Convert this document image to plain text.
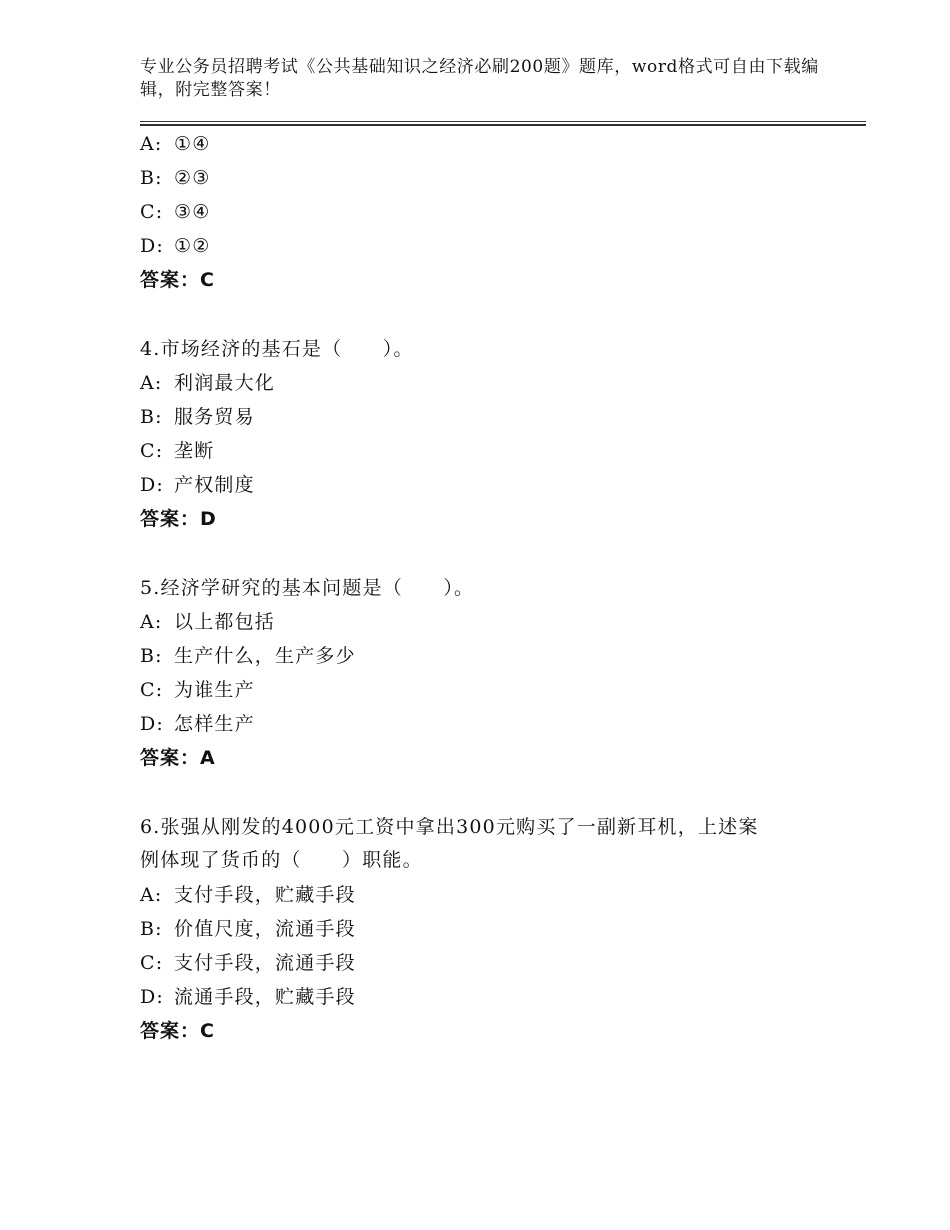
专业公务员招聘考试《公共基础知识之经济必刷200题》题库，word格式可自由下载编辑，附完整答案！
A: ①④
B: ②③
C: ③④
D: ①②
答案：C
4.市场经济的基石是（　　）。
A: 利润最大化
B: 服务贸易
C: 垄断
D: 产权制度
答案：D
5.经济学研究的基本问题是（　　）。
A: 以上都包括
B: 生产什么，生产多少
C: 为谁生产
D: 怎样生产
答案：A
6.张强从刚发的4000元工资中拿出300元购买了一副新耳机，上述案
例体现了货币的（　　）职能。
A: 支付手段，贮藏手段
B: 价值尺度，流通手段
C: 支付手段，流通手段
D: 流通手段，贮藏手段
答案：C
